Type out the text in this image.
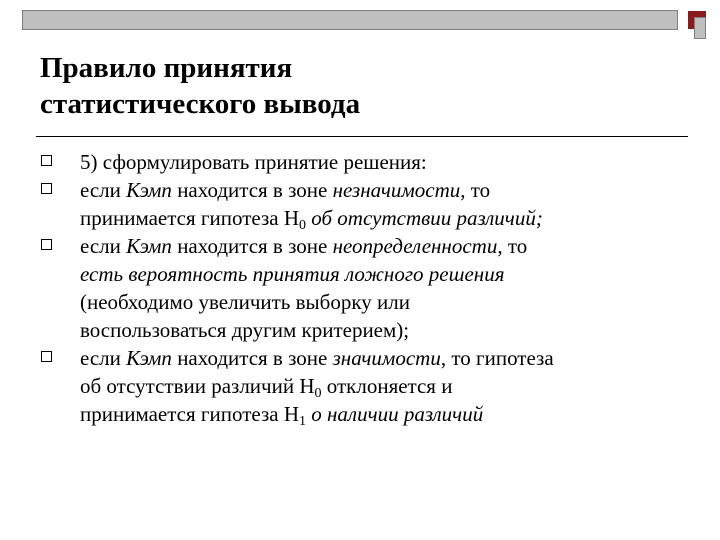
Правило принятия
статистического вывода
5) сформулировать принятие решения:
если Кэмп находится в зоне незначимости, то
принимается гипотеза $H_0$ об отсутствии различий;
если Кэмп находится в зоне неопределенности, то
есть вероятность принятия ложного решения
(необходимо увеличить выборку или
воспользоваться другим критерием);
если Кэмп находится в зоне значимости, то гипотеза
об отсутствии различий $H_0$ отклоняется и
принимается гипотеза $H_1$ о наличии различий
